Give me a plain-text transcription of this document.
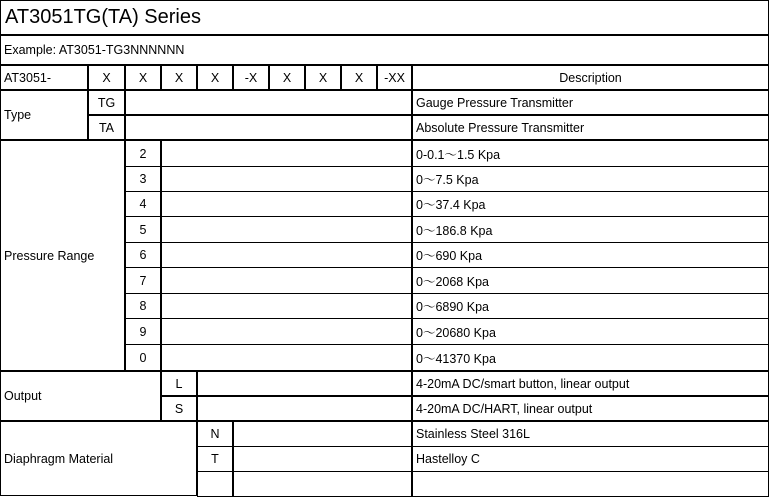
AT3051TG(TA) Series
Example: AT3051-TG3NNNNNN
AT3051-	X	X	X	X	-X	X	X	X	-XX	Description
Type
TG	Gauge Pressure Transmitter
TA	Absolute Pressure Transmitter
Pressure Range
2	0-0.1～1.5 Kpa
3	0～7.5 Kpa
4	0～37.4 Kpa
5	0～186.8 Kpa
6	0～690 Kpa
7	0～2068 Kpa
8	0～6890 Kpa
9	0～20680 Kpa
0	0～41370 Kpa
Output
L	4-20mA DC/smart button, linear output
S	4-20mA DC/HART, linear output
Diaphragm Material
N	Stainless Steel 316L
T	Hastelloy C
